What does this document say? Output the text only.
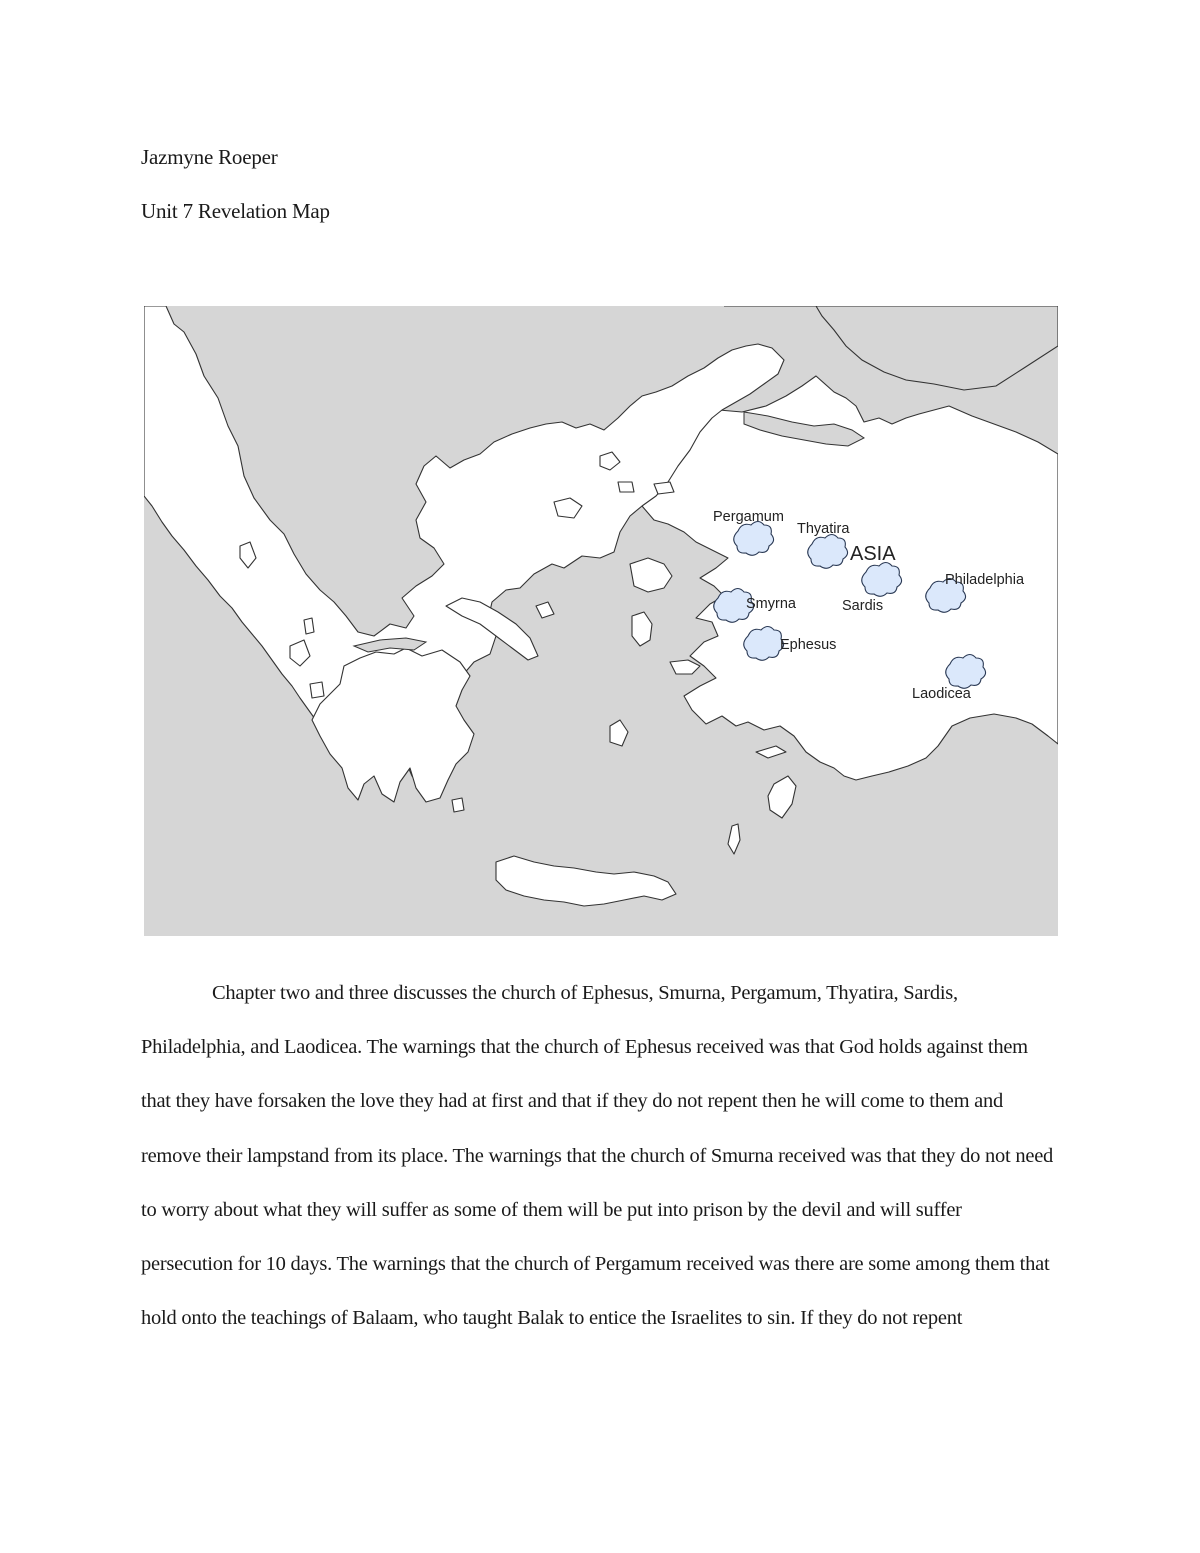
Jazmyne Roeper
Unit 7 Revelation Map
Pergamum
Thyatira
ASIA
Smyrna	Sardis
Philadelphia
Ephesus
Laodicea

Chapter two and three discusses the church of Ephesus, Smurna, Pergamum, Thyatira, Sardis, Philadelphia, and Laodicea. The warnings that the church of Ephesus received was that God holds against them that they have forsaken the love they had at first and that if they do not repent then he will come to them and remove their lampstand from its place. The warnings that the church of Smurna received was that they do not need to worry about what they will suffer as some of them will be put into prison by the devil and will suffer persecution for 10 days. The warnings that the church of Pergamum received was there are some among them that hold onto the teachings of Balaam, who taught Balak to entice the Israelites to sin. If they do not repent
